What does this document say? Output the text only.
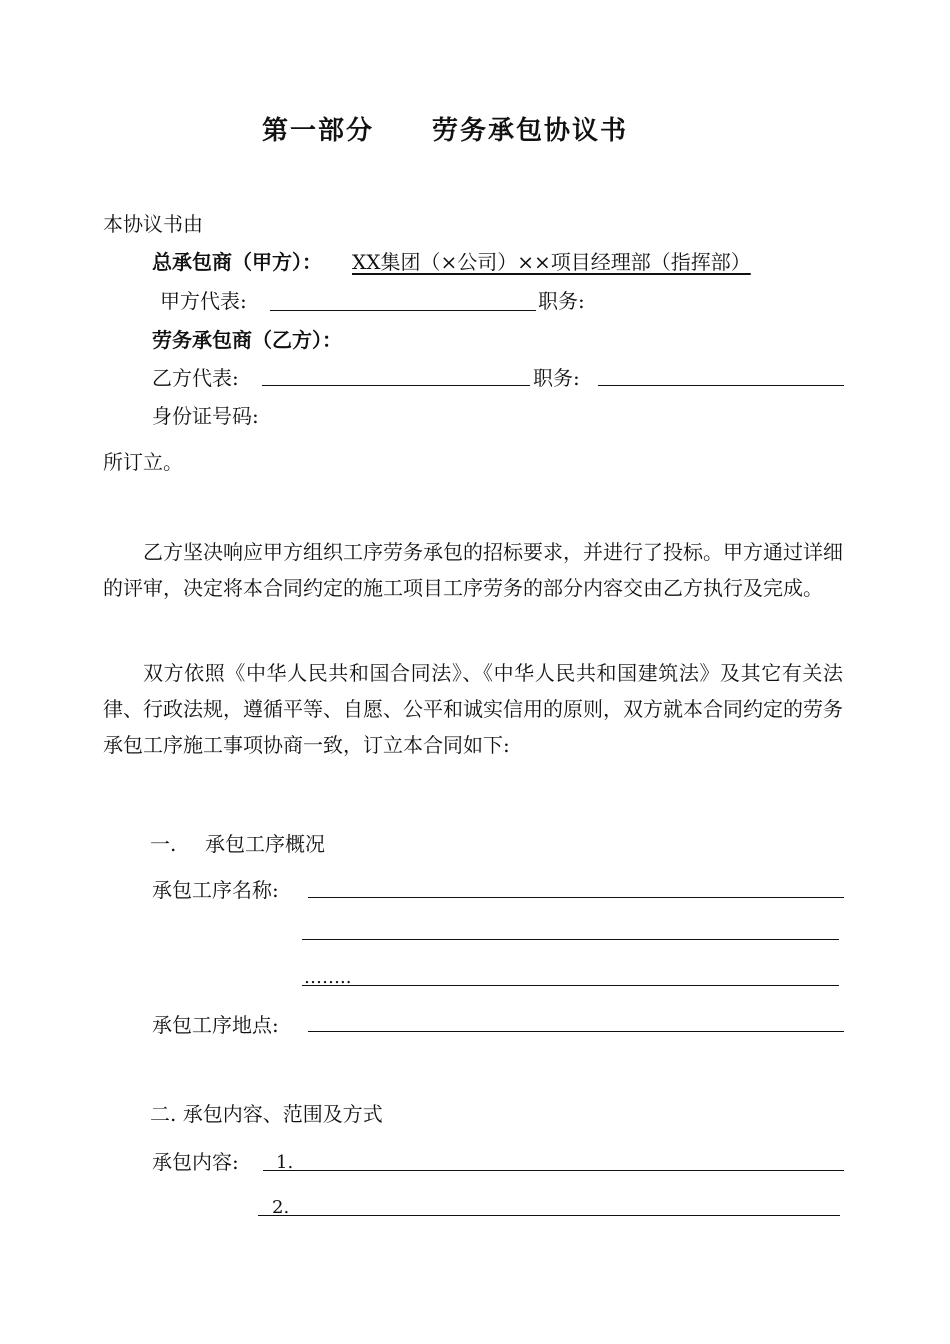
第一部分 劳务承包协议书
本协议书由
总承包商（甲方）： XX集团（×公司）××项目经理部（指挥部）
甲方代表:	职务:
劳务承包商（乙方）：
乙方代表:	职务:
身份证号码:
所订立。
乙方坚决响应甲方组织工序劳务承包的招标要求，并进行了投标。甲方通过详细的评审，决定将本合同约定的施工项目工序劳务的部分内容交由乙方执行及完成。
双方依照《中华人民共和国合同法》、《中华人民共和国建筑法》及其它有关法律、行政法规，遵循平等、自愿、公平和诚实信用的原则，双方就本合同约定的劳务承包工序施工事项协商一致，订立本合同如下:
一. 承包工序概况
承包工序名称:
……..
承包工序地点:
二. 承包内容、范围及方式
承包内容: 1.
2.
